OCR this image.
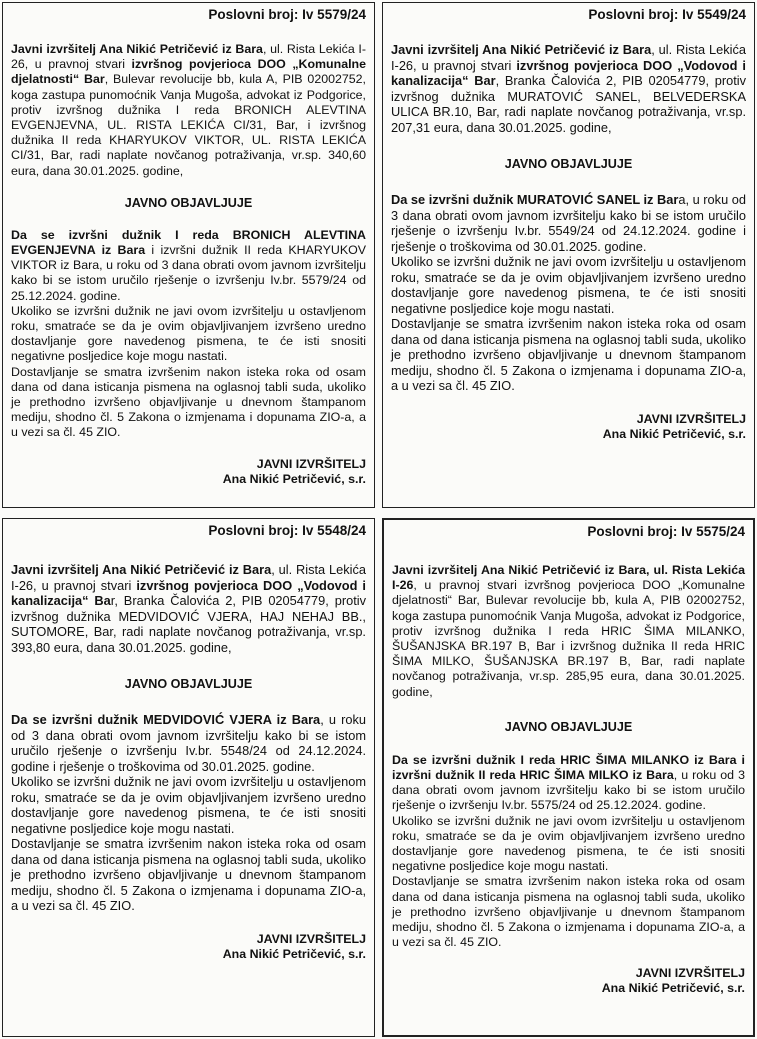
Poslovni broj: Iv 5579/24

Javni izvršitelj Ana Nikić Petričević iz Bara, ul. Rista Lekića I-26, u pravnoj stvari izvršnog povjerioca DOO „Komunalne djelatnosti“ Bar, Bulevar revolucije bb, kula A, PIB 02002752, koga zastupa punomoćnik Vanja Mugoša, advokat iz Podgorice, protiv izvršnog dužnika I reda BRONICH ALEVTINA EVGENJEVNA, UL. RISTA LEKIĆA CI/31, Bar, i izvršnog dužnika II reda KHARYUKOV VIKTOR, UL. RISTA LEKIĆA CI/31, Bar, radi naplate novčanog potraživanja, vr.sp. 340,60 eura, dana 30.01.2025. godine,

JAVNO OBJAVLJUJE

Da se izvršni dužnik I reda BRONICH ALEVTINA EVGENJEVNA iz Bara i izvršni dužnik II reda KHARYUKOV VIKTOR iz Bara, u roku od 3 dana obrati ovom javnom izvršitelju kako bi se istom uručilo rješenje o izvršenju Iv.br. 5579/24 od 25.12.2024. godine.

Ukoliko se izvršni dužnik ne javi ovom izvršitelju u ostavljenom roku, smatraće se da je ovim objavljivanjem izvršeno uredno dostavljanje gore navedenog pismena, te će isti snositi negativne posljedice koje mogu nastati.

Dostavljanje se smatra izvršenim nakon isteka roka od osam dana od dana isticanja pismena na oglasnoj tabli suda, ukoliko je prethodno izvršeno objavljivanje u dnevnom štampanom mediju, shodno čl. 5 Zakona o izmjenama i dopunama ZIO-a, a u vezi sa čl. 45 ZIO.

JAVNI IZVRŠITELJ
Ana Nikić Petričević, s.r.
Poslovni broj: Iv 5549/24

Javni izvršitelj Ana Nikić Petričević iz Bara, ul. Rista Lekića I-26, u pravnoj stvari izvršnog povjerioca DOO „Vodovod i kanalizacija“ Bar, Branka Čalovića 2, PIB 02054779, protiv izvršnog dužnika MURATOVIĆ SANEL, BELVEDERSKA ULICA BR.10, Bar, radi naplate novčanog potraživanja, vr.sp. 207,31 eura, dana 30.01.2025. godine,

JAVNO OBJAVLJUJE

Da se izvršni dužnik MURATOVIĆ SANEL iz Bara, u roku od 3 dana obrati ovom javnom izvršitelju kako bi se istom uručilo rješenje o izvršenju Iv.br. 5549/24 od 24.12.2024. godine i rješenje o troškovima od 30.01.2025. godine.

Ukoliko se izvršni dužnik ne javi ovom izvršitelju u ostavljenom roku, smatraće se da je ovim objavljivanjem izvršeno uredno dostavljanje gore navedenog pismena, te će isti snositi negativne posljedice koje mogu nastati.

Dostavljanje se smatra izvršenim nakon isteka roka od osam dana od dana isticanja pismena na oglasnoj tabli suda, ukoliko je prethodno izvršeno objavljivanje u dnevnom štampanom mediju, shodno čl. 5 Zakona o izmjenama i dopunama ZIO-a, a u vezi sa čl. 45 ZIO.

JAVNI IZVRŠITELJ
Ana Nikić Petričević, s.r.
Poslovni broj: Iv 5548/24

Javni izvršitelj Ana Nikić Petričević iz Bara, ul. Rista Lekića I-26, u pravnoj stvari izvršnog povjerioca DOO „Vodovod i kanalizacija“ Bar, Branka Čalovića 2, PIB 02054779, protiv izvršnog dužnika MEDVIDOVIĆ VJERA, HAJ NEHAJ BB., SUTOMORE, Bar, radi naplate novčanog potraživanja, vr.sp. 393,80 eura, dana 30.01.2025. godine,

JAVNO OBJAVLJUJE

Da se izvršni dužnik MEDVIDOVIĆ VJERA iz Bara, u roku od 3 dana obrati ovom javnom izvršitelju kako bi se istom uručilo rješenje o izvršenju Iv.br. 5548/24 od 24.12.2024. godine i rješenje o troškovima od 30.01.2025. godine.

Ukoliko se izvršni dužnik ne javi ovom izvršitelju u ostavljenom roku, smatraće se da je ovim objavljivanjem izvršeno uredno dostavljanje gore navedenog pismena, te će isti snositi negativne posljedice koje mogu nastati.

Dostavljanje se smatra izvršenim nakon isteka roka od osam dana od dana isticanja pismena na oglasnoj tabli suda, ukoliko je prethodno izvršeno objavljivanje u dnevnom štampanom mediju, shodno čl. 5 Zakona o izmjenama i dopunama ZIO-a, a u vezi sa čl. 45 ZIO.

JAVNI IZVRŠITELJ
Ana Nikić Petričević, s.r.
Poslovni broj: Iv 5575/24

Javni izvršitelj Ana Nikić Petričević iz Bara, ul. Rista Lekića I-26, u pravnoj stvari izvršnog povjerioca DOO „Komunalne djelatnosti“ Bar, Bulevar revolucije bb, kula A, PIB 02002752, koga zastupa punomoćnik Vanja Mugoša, advokat iz Podgorice, protiv izvršnog dužnika I reda HRIC ŠIMA MILANKO, ŠUŠANJSKA BR.197 B, Bar i izvršnog dužnika II reda HRIC ŠIMA MILKO, ŠUŠANJSKA BR.197 B, Bar, radi naplate novčanog potraživanja, vr.sp. 285,95 eura, dana 30.01.2025. godine,

JAVNO OBJAVLJUJE

Da se izvršni dužnik I reda HRIC ŠIMA MILANKO iz Bara i izvršni dužnik II reda HRIC ŠIMA MILKO iz Bara, u roku od 3 dana obrati ovom javnom izvršitelju kako bi se istom uručilo rješenje o izvršenju Iv.br. 5575/24 od 25.12.2024. godine.

Ukoliko se izvršni dužnik ne javi ovom izvršitelju u ostavljenom roku, smatraće se da je ovim objavljivanjem izvršeno uredno dostavljanje gore navedenog pismena, te će isti snositi negativne posljedice koje mogu nastati.

Dostavljanje se smatra izvršenim nakon isteka roka od osam dana od dana isticanja pismena na oglasnoj tabli suda, ukoliko je prethodno izvršeno objavljivanje u dnevnom štampanom mediju, shodno čl. 5 Zakona o izmjenama i dopunama ZIO-a, a u vezi sa čl. 45 ZIO.

JAVNI IZVRŠITELJ
Ana Nikić Petričević, s.r.
